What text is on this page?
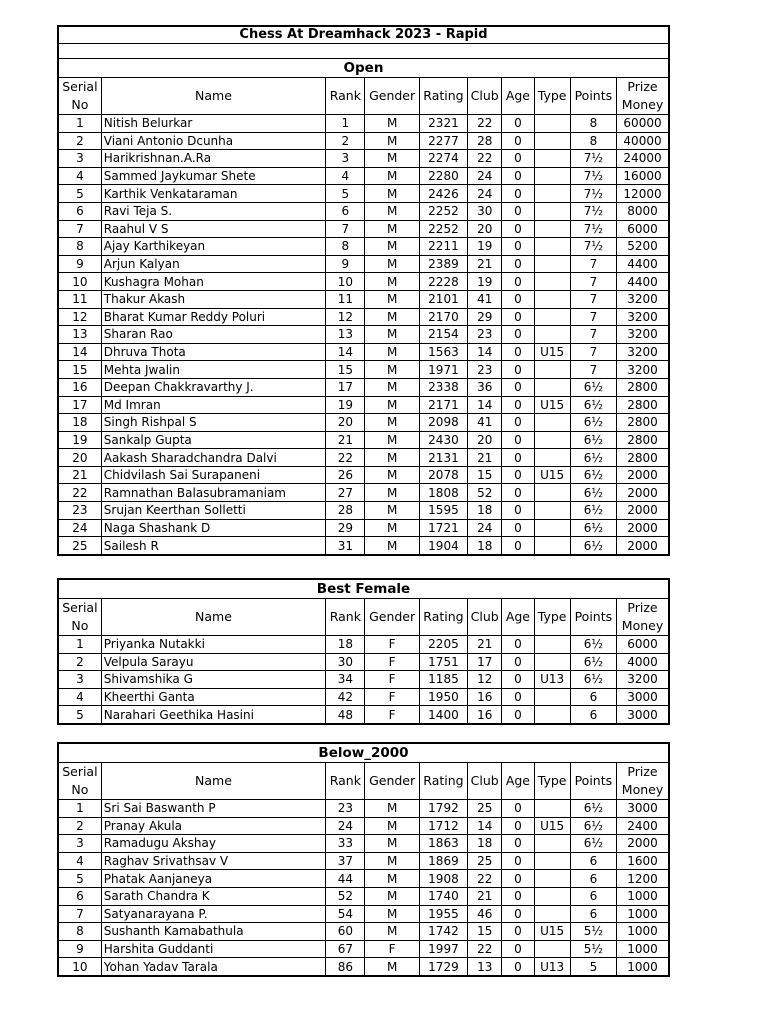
Chess At Dreamhack 2023 - Rapid									

Open									
Serial No	Name	Rank	Gender	Rating	Club	Age	Type	Points	Prize Money
1	Nitish Belurkar	1	M	2321	22	0		8	60000
2	Viani Antonio Dcunha	2	M	2277	28	0		8	40000
3	Harikrishnan.A.Ra	3	M	2274	22	0		7½	24000
4	Sammed Jaykumar Shete	4	M	2280	24	0		7½	16000
5	Karthik Venkataraman	5	M	2426	24	0		7½	12000
6	Ravi Teja S.	6	M	2252	30	0		7½	8000
7	Raahul V S	7	M	2252	20	0		7½	6000
8	Ajay Karthikeyan	8	M	2211	19	0		7½	5200
9	Arjun Kalyan	9	M	2389	21	0		7	4400
10	Kushagra Mohan	10	M	2228	19	0		7	4400
11	Thakur Akash	11	M	2101	41	0		7	3200
12	Bharat Kumar Reddy Poluri	12	M	2170	29	0		7	3200
13	Sharan Rao	13	M	2154	23	0		7	3200
14	Dhruva Thota	14	M	1563	14	0	U15	7	3200
15	Mehta Jwalin	15	M	1971	23	0		7	3200
16	Deepan Chakkravarthy J.	17	M	2338	36	0		6½	2800
17	Md Imran	19	M	2171	14	0	U15	6½	2800
18	Singh Rishpal S	20	M	2098	41	0		6½	2800
19	Sankalp Gupta	21	M	2430	20	0		6½	2800
20	Aakash Sharadchandra Dalvi	22	M	2131	21	0		6½	2800
21	Chidvilash Sai Surapaneni	26	M	2078	15	0	U15	6½	2000
22	Ramnathan Balasubramaniam	27	M	1808	52	0		6½	2000
23	Srujan Keerthan Solletti	28	M	1595	18	0		6½	2000
24	Naga Shashank D	29	M	1721	24	0		6½	2000
25	Sailesh R	31	M	1904	18	0		6½	2000
Best Female									
Serial No	Name	Rank	Gender	Rating	Club	Age	Type	Points	Prize Money
1	Priyanka Nutakki	18	F	2205	21	0		6½	6000
2	Velpula Sarayu	30	F	1751	17	0		6½	4000
3	Shivamshika G	34	F	1185	12	0	U13	6½	3200
4	Kheerthi Ganta	42	F	1950	16	0		6	3000
5	Narahari Geethika Hasini	48	F	1400	16	0		6	3000
Below_2000									
Serial No	Name	Rank	Gender	Rating	Club	Age	Type	Points	Prize Money
1	Sri Sai Baswanth P	23	M	1792	25	0		6½	3000
2	Pranay Akula	24	M	1712	14	0	U15	6½	2400
3	Ramadugu Akshay	33	M	1863	18	0		6½	2000
4	Raghav Srivathsav V	37	M	1869	25	0		6	1600
5	Phatak Aanjaneya	44	M	1908	22	0		6	1200
6	Sarath Chandra K	52	M	1740	21	0		6	1000
7	Satyanarayana P.	54	M	1955	46	0		6	1000
8	Sushanth Kamabathula	60	M	1742	15	0	U15	5½	1000
9	Harshita Guddanti	67	F	1997	22	0		5½	1000
10	Yohan Yadav Tarala	86	M	1729	13	0	U13	5	1000
